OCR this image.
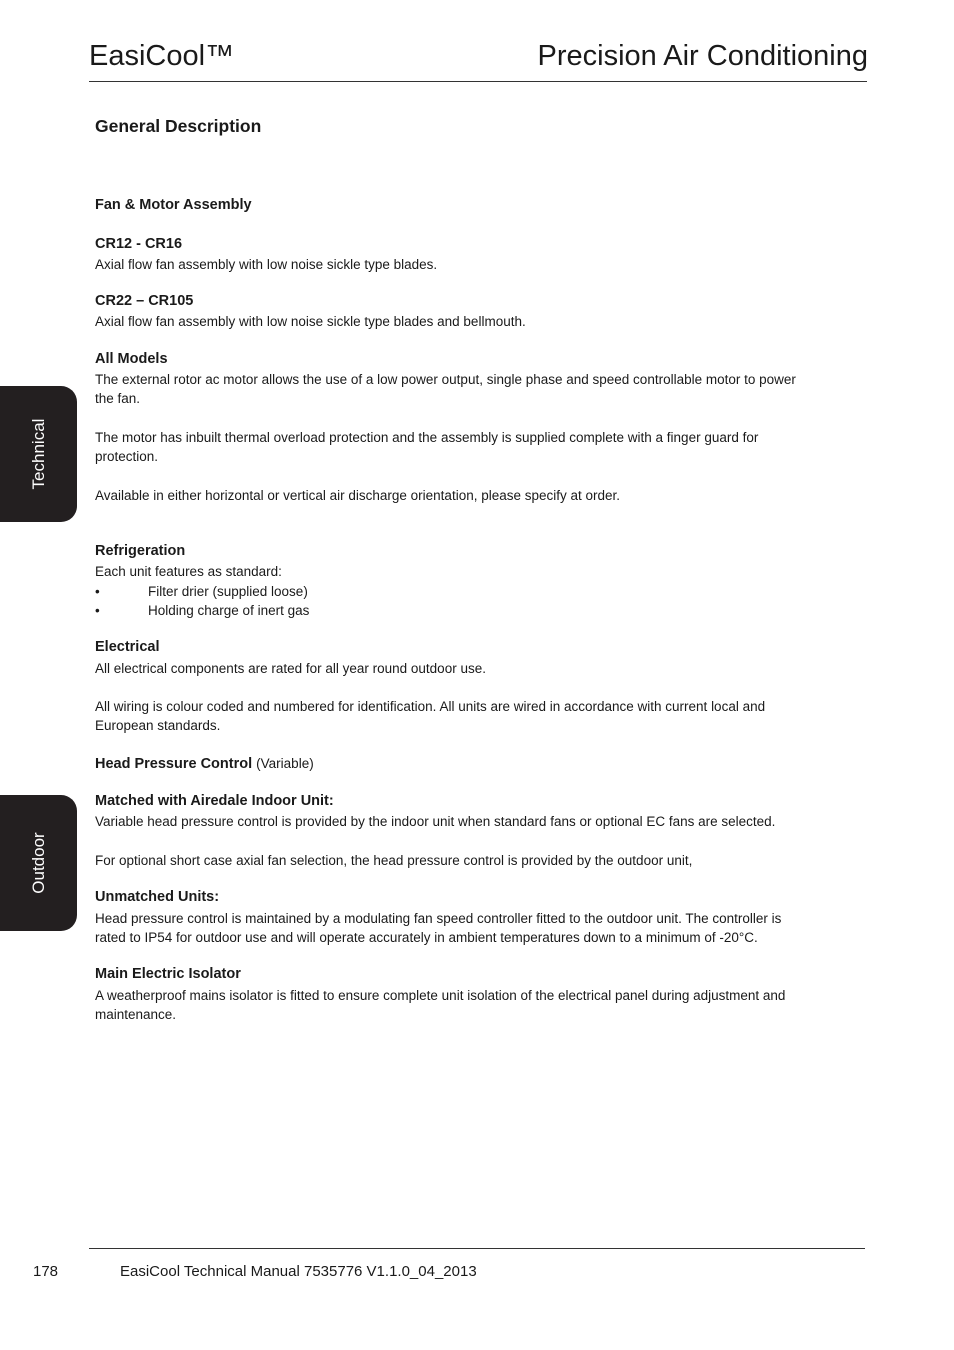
EasiCool™	Precision Air Conditioning
Technical
Outdoor
General Description
Fan & Motor Assembly
CR12 - CR16
Axial flow fan assembly with low noise sickle type blades.
CR22 – CR105
Axial flow fan assembly with low noise sickle type blades and bellmouth.
All Models
The external rotor ac motor allows the use of a low power output, single phase and speed controllable motor to power
the fan.
The motor has inbuilt thermal overload protection and the assembly is supplied complete with a finger guard for
protection.
Available in either horizontal or vertical air discharge orientation, please specify at order.
Refrigeration
Each unit features as standard:
•	Filter drier (supplied loose)
•	Holding charge of inert gas
Electrical
All electrical components are rated for all year round outdoor use.
All wiring is colour coded and numbered for identification. All units are wired in accordance with current local and
European standards.
Head Pressure Control (Variable)
Matched with Airedale Indoor Unit:
Variable head pressure control is provided by the indoor unit when standard fans or optional EC fans are selected.
For optional short case axial fan selection, the head pressure control is provided by the outdoor unit,
Unmatched Units:
Head pressure control is maintained by a modulating fan speed controller fitted to the outdoor unit. The controller is
rated to IP54 for outdoor use and will operate accurately in ambient temperatures down to a minimum of -20°C.
Main Electric Isolator
A weatherproof mains isolator is fitted to ensure complete unit isolation of the electrical panel during adjustment and
maintenance.
178	EasiCool Technical Manual 7535776 V1.1.0_04_2013
